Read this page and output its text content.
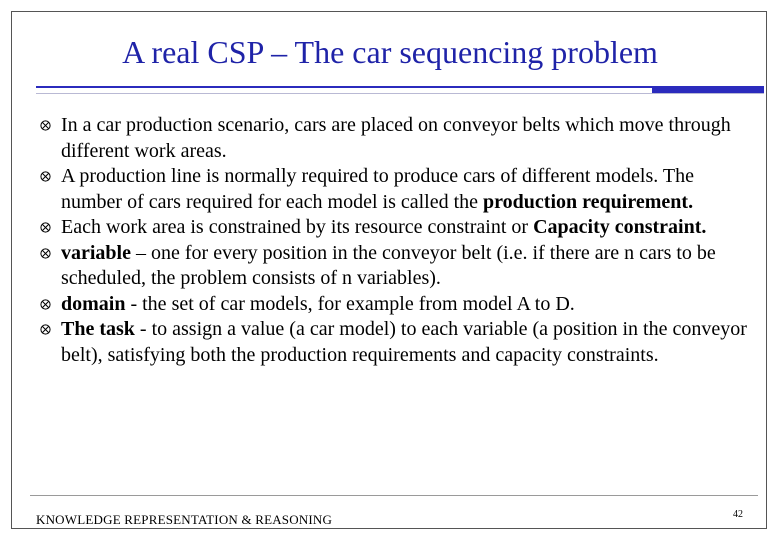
A real CSP – The car sequencing problem
In a car production scenario, cars are placed on conveyor belts which move through different work areas.
A production line is normally required to produce cars of different models. The number of cars required for each model is called the production requirement.
Each work area is constrained by its resource constraint or Capacity constraint.
variable – one for every position in the conveyor belt (i.e. if there are n cars to be scheduled, the problem consists of n variables).
domain - the set of car models, for example from model A to D.
The task - to assign a value (a car model) to each variable (a position in the conveyor belt), satisfying both the production requirements and capacity constraints.
KNOWLEDGE REPRESENTATION & REASONING	42
